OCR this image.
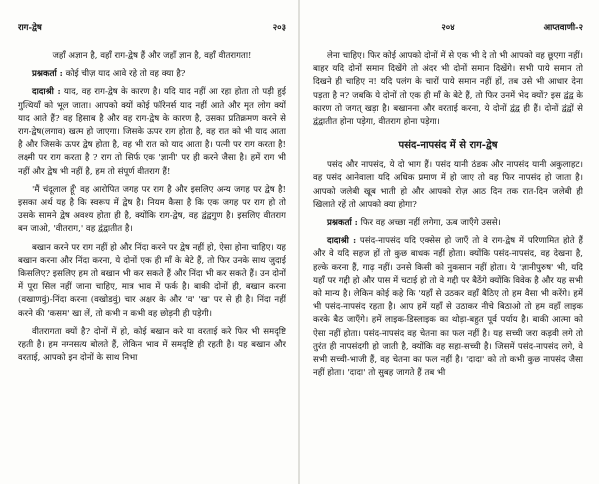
राग-द्वेष	२०३

जहाँ अज्ञान है, वहाँ राग-द्वेष हैं और जहाँ ज्ञान है, वहाँ वीतरागता!

प्रश्नकर्ता : कोई चीज़ याद आवे रहे तो वह क्या है?

दादाश्री : याद, वह राग-द्वेष के कारण है। यदि याद नहीं आ रहा होता तो पड़ी हुई गुत्थियाँ को भूल जाता। आपको क्यों कोई फॉरेनर्स याद नहीं आते और मृत लोग क्यों याद आते हैं? वह हिसाब है और वह राग-द्वेष के कारण है, उसका प्रतिक्रमण करने से राग-द्वेष(लगाव) खत्म हो जाएगा। जिसके ऊपर राग होता है, वह रात को भी याद आता है और जिसके ऊपर द्वेष होता है, वह भी रात को याद आता है। पत्नी पर राग करता है! लक्ष्मी पर राग करता है ? राग तो सिर्फ एक 'ज्ञानी' पर ही करने जैसा है। हमें राग भी नहीं और द्वेष भी नहीं है, हम तो संपूर्ण वीतराग हैं!

'मैं चंदूलाल हूँ' वह आरोपित जगह पर राग है और इसलिए अन्य जगह पर द्वेष है! इसका अर्थ यह है कि स्वरूप में द्वेष है। नियम कैसा है कि एक जगह पर राग हो तो उसके सामने द्वेष अवश्य होता ही है, क्योंकि राग-द्वेष, वह द्वंद्वगुण है। इसलिए वीतराग बन जाओ, 'वीतराग,' वह द्वंद्वातीत है।

बखान करने पर राग नहीं हो और निंदा करने पर द्वेष नहीं हो, ऐसा होना चाहिए। यह बखान करना और निंदा करना, ये दोनों एक ही माँ के बेटे हैं, तो फिर उनके साथ जुदाई किसलिए? इसलिए हम तो बखान भी कर सकते हैं और निंदा भी कर सकते हैं। उन दोनों में पूरा सिल नहीं जाना चाहिए, मात्र भाव में फर्क है। बाकी दोनों ही, बखान करना (वखाणवुं)-निंदा करना (वखोडवुं) चार अक्षर के और 'व' 'ख' पर से ही है। निंदा नहीं करने की 'कसम' खा लें, तो कभी न कभी वह छोड़नी ही पड़ेगी।

वीतरागता क्यों है? दोनों में हो, कोई बखान करे या वरताई करे फिर भी समदृष्टि रहती है। हम नग्नसत्य बोलते हैं, लेकिन भाव में समदृष्टि ही रहती है। यह बखान और वरताई, आपको इन दोनों के साथ निभा

२०४	आप्तवाणी-२

लेना चाहिए। फिर कोई आपको दोनों में से एक भी दे तो भी आपको वह छूएगा नहीं। बाहर यदि दोनों समान दिखेंगे तो अंदर भी दोनों समान दिखेंगे। सभी पाये समान तो दिखने ही चाहिए न! यदि पलंग के चारों पाये समान नहीं हों, तब उसे भी आधार देना पड़ता है न? जबकि ये दोनों तो एक ही माँ के बेटे हैं, तो फिर उनमें भेद क्यों? इस द्वंद्व के कारण तो जगत् खड़ा है। बखानना और वरताई करना, ये दोनों द्वंद्व ही हैं। दोनों द्वंद्वों से द्वंद्वातीत होना पड़ेगा, वीतराग होना पड़ेगा।

पसंद-नापसंद में से राग-द्वेष

पसंद और नापसंद, ये दो भाग हैं। पसंद यानी ठंडक और नापसंद यानी अकुलाहट। वह पसंद आनेवाला यदि अधिक प्रमाण में हो जाए तो वह फिर नापसंद हो जाता है। आपको जलेबी खूब भाती हो और आपको रोज़ आठ दिन तक रात-दिन जलेबी ही खिलाते रहें तो आपको क्या होगा?

प्रश्नकर्ता : फिर वह अच्छा नहीं लगेगा, ऊब जाएँगे उससे।

दादाश्री : पसंद-नापसंद यदि एक्सेस हो जाएँ तो वे राग-द्वेष में परिणामित होते हैं और वे यदि सहज हों तो कुछ बाधक नहीं होता। क्योंकि पसंद-नापसंद, वह देखना है, हल्के करना हैं, गाढ़ नहीं। उनसे किसी को नुकसान नहीं होता। ये 'ज्ञानीपुरुष' भी, यदि यहाँ पर गद्दी हो और पास में चटाई हो तो वे गद्दी पर बैठेंगे क्योंकि विवेक है और यह सभी को मान्य है। लेकिन कोई कहे कि 'यहाँ से उठकर वहाँ बैठिए तो हम वैसा भी करेंगे। हमें भी पसंद-नापसंद रहता है। आप हमें यहाँ से उठाकर नीचे बिठाओ तो हम वहाँ लाइक करके बैठ जाएँगे। हमें लाइक-डिस्लाइक का थोड़ा-बहुत पूर्व पर्याय है। बाकी आत्मा को ऐसा नहीं होता। पसंद-नापसंद वह चेतना का फल नहीं है। यह सच्ची जरा कड़वी लगे तो तुरंत ही नापसंदगी हो जाती है, क्योंकि वह सहा-सच्ची है। जिसमें पसंद-नापसंद लगे, वे सभी सच्ची-भाजी हैं, वह चेतना का फल नहीं है। 'दादा' को तो कभी कुछ नापसंद जैसा नहीं होता। 'दादा' तो सुबह जागते हैं तब भी
